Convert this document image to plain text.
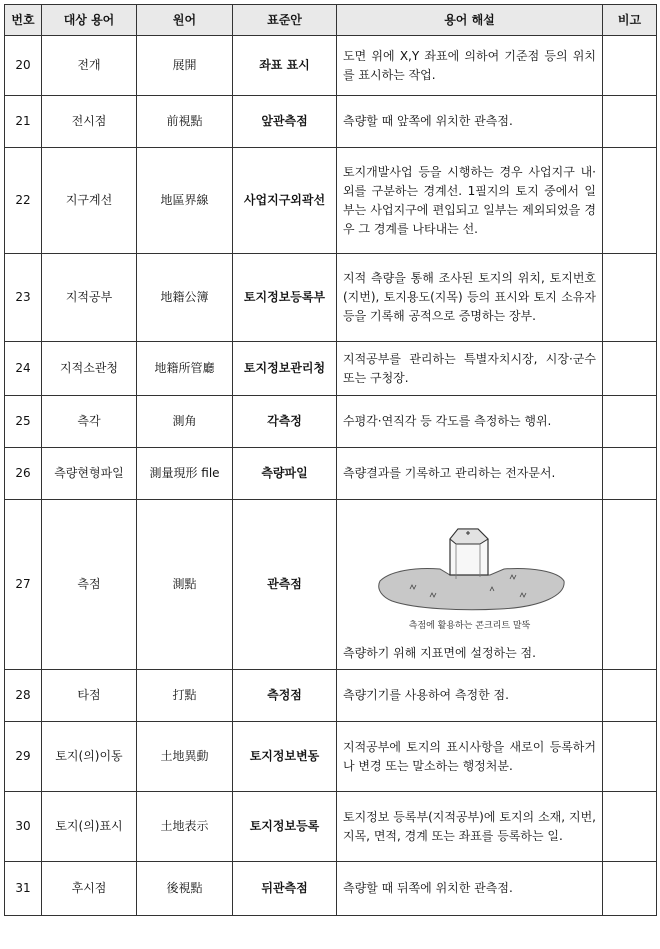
번호	대상 용어	원어	표준안	용어 해설	비고
20	전개	展開	좌표 표시	도면 위에 X,Y 좌표에 의하여 기준점 등의 위치를 표시하는 작업.	
21	전시점	前視點	앞관측점	측량할 때 앞쪽에 위치한 관측점.	
22	지구계선	地區界線	사업지구외곽선	토지개발사업 등을 시행하는 경우 사업지구 내·외를 구분하는 경계선. 1필지의 토지 중에서 일부는 사업지구에 편입되고 일부는 제외되었을 경우 그 경계를 나타내는 선.	
23	지적공부	地籍公簿	토지정보등록부	지적 측량을 통해 조사된 토지의 위치, 토지번호(지번), 토지용도(지목) 등의 표시와 토지 소유자 등을 기록해 공적으로 증명하는 장부.	
24	지적소관청	地籍所管廳	토지정보관리청	지적공부를 관리하는 특별자치시장, 시장·군수 또는 구청장.	
25	측각	測角	각측정	수평각·연직각 등 각도를 측정하는 행위.	
26	측량현형파일	測量現形 file	측량파일	측량결과를 기록하고 관리하는 전자문서.	
27	측점	測點	관측점	측점에 활용하는 콘크리트 말뚝
측량하기 위해 지표면에 설정하는 점.	

28	타점	打點	측정점	측량기기를 사용하여 측정한 점.	
29	토지(의)이동	土地異動	토지정보변동	지적공부에 토지의 표시사항을 새로이 등록하거나 변경 또는 말소하는 행정처분.	
30	토지(의)표시	土地表示	토지정보등록	토지정보 등록부(지적공부)에 토지의 소재, 지번, 지목, 면적, 경계 또는 좌표를 등록하는 일.	
31	후시점	後視點	뒤관측점	측량할 때 뒤쪽에 위치한 관측점.	
